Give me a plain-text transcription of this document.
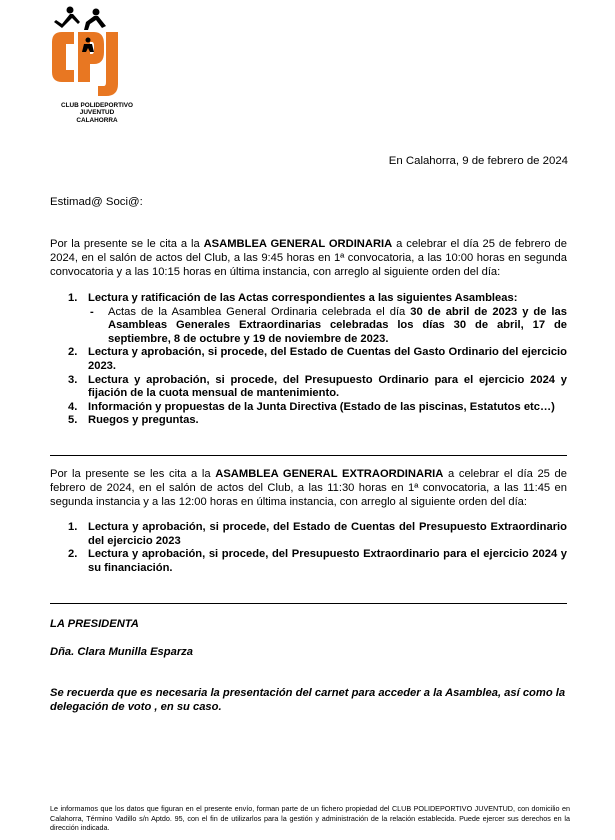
CLUB POLIDEPORTIVO
JUVENTUD
CALAHORRA
En Calahorra, 9 de febrero de 2024
Estimad@ Soci@:
Por la presente se le cita a la ASAMBLEA GENERAL ORDINARIA a celebrar el día 25 de febrero de 2024, en el salón de actos del Club, a las 9:45 horas en 1ª convocatoria, a las 10:00 horas en segunda convocatoria y a las 10:15 horas en última instancia, con arreglo al siguiente orden del día:
1. Lectura y ratificación de las Actas correspondientes a las siguientes Asambleas:
- Actas de la Asamblea General Ordinaria celebrada el día 30 de abril de 2023 y de las Asambleas Generales Extraordinarias celebradas los días 30 de abril, 17 de septiembre, 8 de octubre y 19 de noviembre de 2023.
2. Lectura y aprobación, si procede, del Estado de Cuentas del Gasto Ordinario del ejercicio 2023.
3. Lectura y aprobación, si procede, del Presupuesto Ordinario para el ejercicio 2024 y fijación de la cuota mensual de mantenimiento.
4. Información y propuestas de la Junta Directiva (Estado de las piscinas, Estatutos etc…)
5. Ruegos y preguntas.
Por la presente se les cita a la ASAMBLEA GENERAL EXTRAORDINARIA a celebrar el día 25 de febrero de 2024, en el salón de actos del Club, a las 11:30 horas en 1ª convocatoria, a las 11:45 en segunda instancia y a las 12:00 horas en última instancia, con arreglo al siguiente orden del día:
1. Lectura y aprobación, si procede, del Estado de Cuentas del Presupuesto Extraordinario del ejercicio 2023
2. Lectura y aprobación, si procede, del Presupuesto Extraordinario para el ejercicio 2024 y su financiación.
LA PRESIDENTA
Dña. Clara Munilla Esparza
Se recuerda que es necesaria la presentación del carnet para acceder a la Asamblea, así como la delegación de voto , en su caso.
Le informamos que los datos que figuran en el presente envío, forman parte de un fichero propiedad del CLUB POLIDEPORTIVO JUVENTUD, con domicilio en Calahorra, Término Vadillo s/n Aptdo. 95, con el fin de utilizarlos para la gestión y administración de la relación establecida. Puede ejercer sus derechos en la dirección indicada.
